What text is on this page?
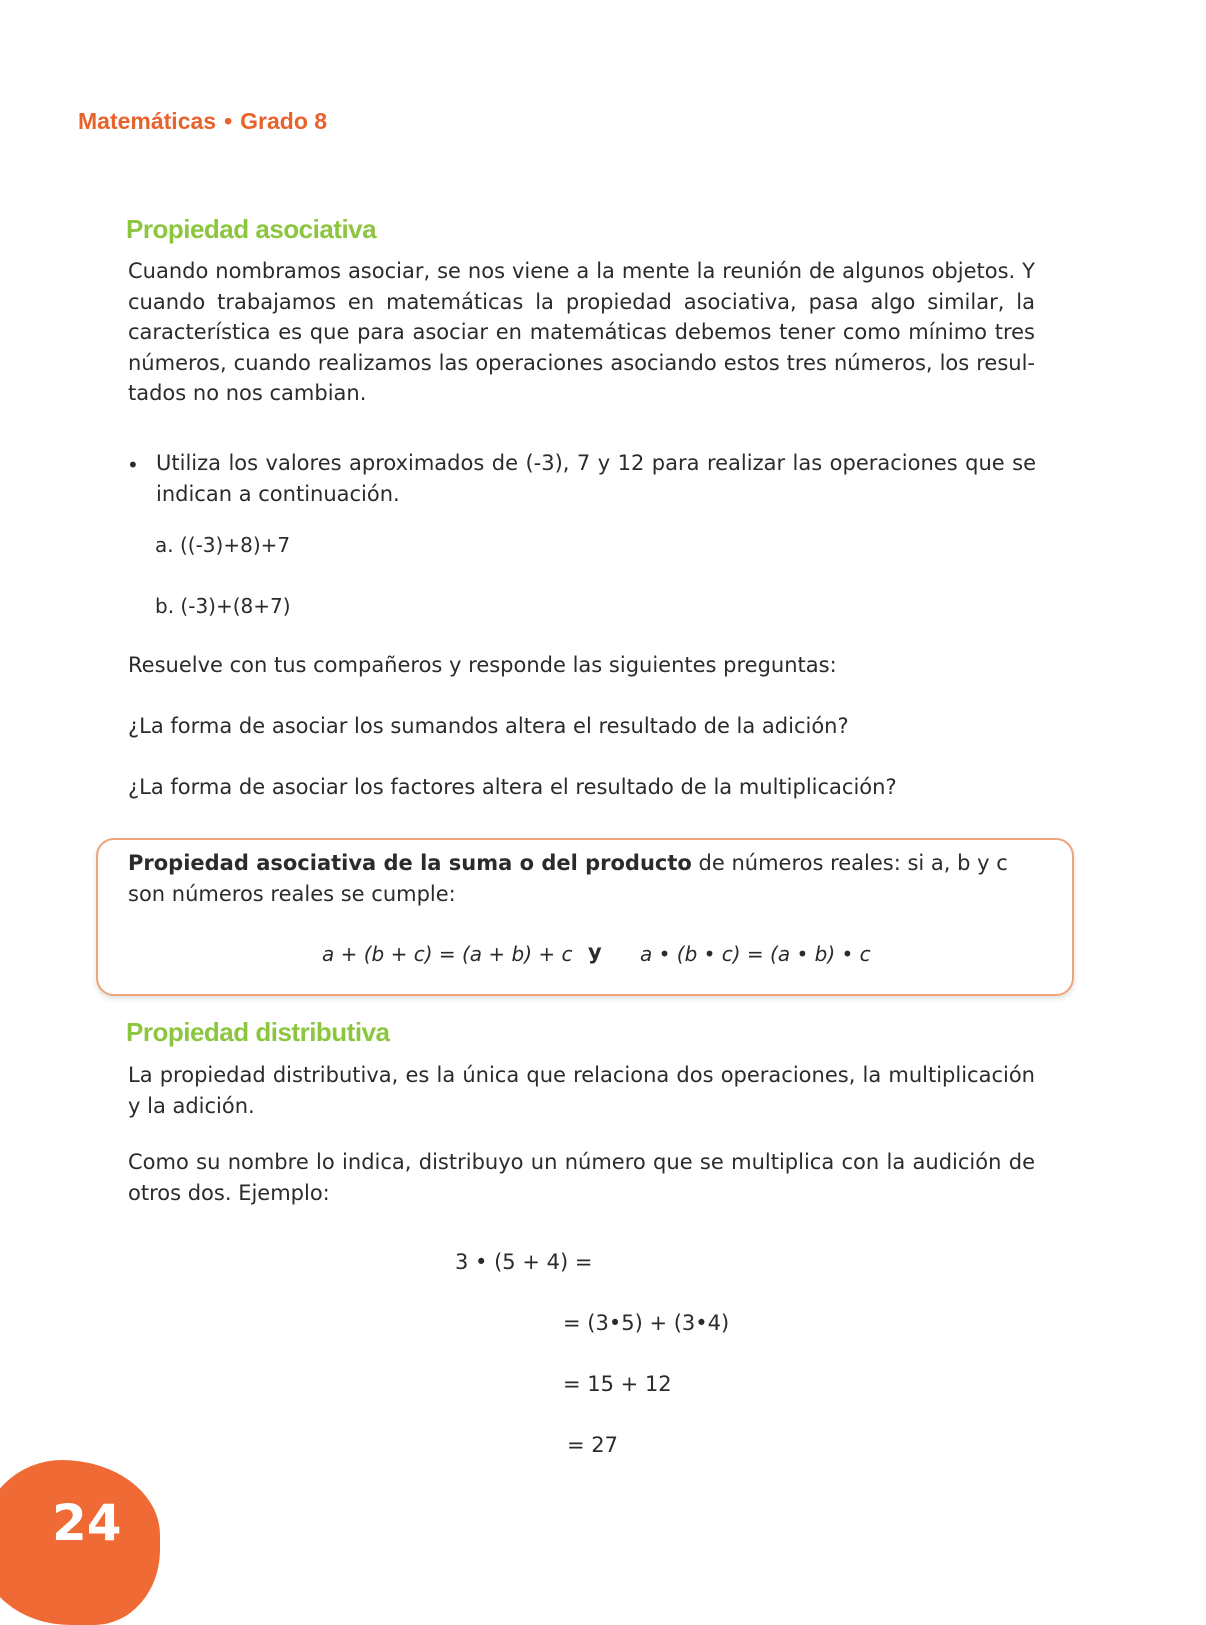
Matemáticas • Grado 8
Propiedad asociativa
Cuando nombramos asociar, se nos viene a la mente la reunión de algunos objetos. Y cuando trabajamos en matemáticas la propiedad asociativa, pasa algo similar, la característica es que para asociar en matemáticas debemos tener como mínimo tres números, cuando realizamos las operaciones asociando estos tres números, los resul-tados no nos cambian.
• Utiliza los valores aproximados de (-3), 7 y 12 para realizar las operaciones que se indican a continuación.
a. ((-3)+8)+7
b. (-3)+(8+7)
Resuelve con tus compañeros y responde las siguientes preguntas:
¿La forma de asociar los sumandos altera el resultado de la adición?
¿La forma de asociar los factores altera el resultado de la multiplicación?
Propiedad asociativa de la suma o del producto de números reales: si a, b y c son números reales se cumple:
a + (b + c) = (a + b) + c y a • (b • c) = (a • b) • c
Propiedad distributiva
La propiedad distributiva, es la única que relaciona dos operaciones, la multiplicación y la adición.
Como su nombre lo indica, distribuyo un número que se multiplica con la audición de otros dos. Ejemplo:
3 • (5 + 4) =
= (3•5) + (3•4)
= 15 + 12
= 27
24
